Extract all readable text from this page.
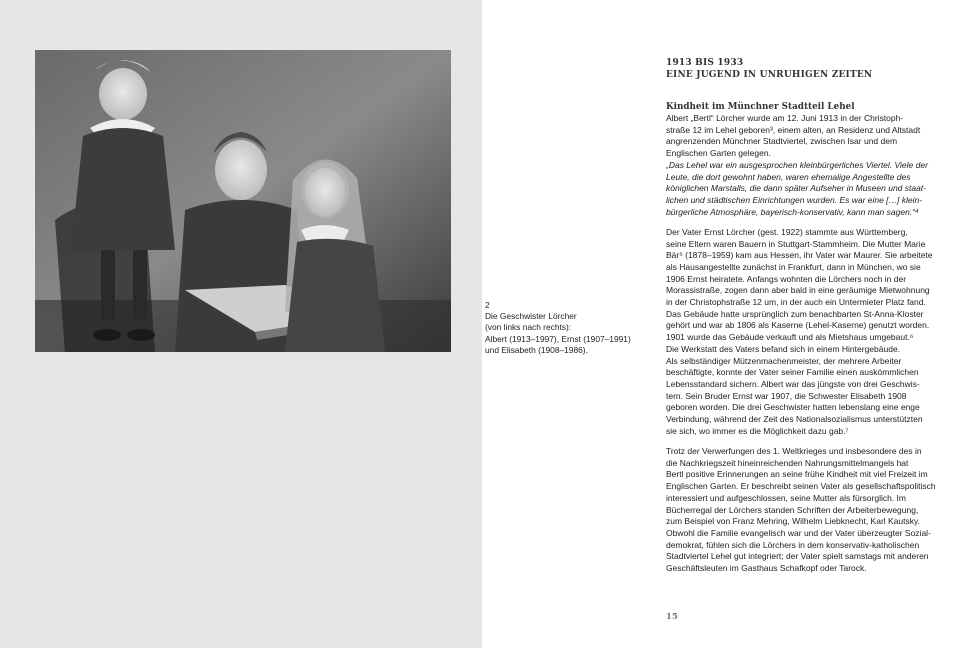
2

Die Geschwister Lörcher

(von links nach rechts):

Albert (1913–1997), Ernst (1907–1991)

und Elisabeth (1908–1986).

1913 BIS 1933
EINE JUGEND IN UNRUHIGEN ZEITEN
Kindheit im Münchner Stadtteil Lehel
Albert „Bertl“ Lörcher wurde am 12. Juni 1913 in der Christoph-
straße 12 im Lehel geboren³, einem alten, an Residenz und Altstadt
angrenzenden Münchner Stadtviertel, zwischen Isar und dem
Englischen Garten gelegen.
„Das Lehel war ein ausgesprochen kleinbürgerliches Viertel. Viele der
Leute, die dort gewohnt haben, waren ehemalige Angestellte des
königlichen Marstalls, die dann später Aufseher in Museen und staat-
lichen und städtischen Einrichtungen wurden. Es war eine […] klein-
bürgerliche Atmosphäre, bayerisch-konservativ, kann man sagen.“⁴
Der Vater Ernst Lörcher (gest. 1922) stammte aus Württemberg,
seine Eltern waren Bauern in Stuttgart-Stammheim. Die Mutter Marie
Bär⁵ (1878–1959) kam aus Hessen, ihr Vater war Maurer. Sie arbeitete
als Hausangestellte zunächst in Frankfurt, dann in München, wo sie
1906 Ernst heiratete. Anfangs wohnten die Lörchers noch in der
Morassistraße, zogen dann aber bald in eine geräumige Mietwohnung
in der Christophstraße 12 um, in der auch ein Untermieter Platz fand.
Das Gebäude hatte ursprünglich zum benachbarten St-Anna-Kloster
gehört und war ab 1806 als Kaserne (Lehel-Kaserne) genutzt worden.
1901 wurde das Gebäude verkauft und als Mietshaus umgebaut.⁶
Die Werkstatt des Vaters befand sich in einem Hintergebäude.
Als selbständiger Mützenmachenmeister, der mehrere Arbeiter
beschäftigte, konnte der Vater seiner Familie einen auskömmlichen
Lebensstandard sichern. Albert war das jüngste von drei Geschwis-
tern. Sein Bruder Ernst war 1907, die Schwester Elisabeth 1908
geboren worden. Die drei Geschwister hatten lebenslang eine enge
Verbindung, während der Zeit des Nationalsozialismus unterstützten
sie sich, wo immer es die Möglichkeit dazu gab.⁷
Trotz der Verwerfungen des 1. Weltkrieges und insbesondere des in
die Nachkriegszeit hineinreichenden Nahrungsmittelmangels hat
Bertl positive Erinnerungen an seine frühe Kindheit mit viel Freizeit im
Englischen Garten. Er beschreibt seinen Vater als gesellschaftspolitisch
interessiert und aufgeschlossen, seine Mutter als fürsorglich. Im
Bücherregal der Lörchers standen Schriften der Arbeiterbewegung,
zum Beispiel von Franz Mehring, Wilhelm Liebknecht, Karl Kautsky.
Obwohl die Familie evangelisch war und der Vater überzeugter Sozial-
demokrat, fühlen sich die Lörchers in dem konservativ-katholischen
Stadtviertel Lehel gut integriert; der Vater spielt samstags mit anderen
Geschäftsleuten im Gasthaus Schafkopf oder Tarock.
15
